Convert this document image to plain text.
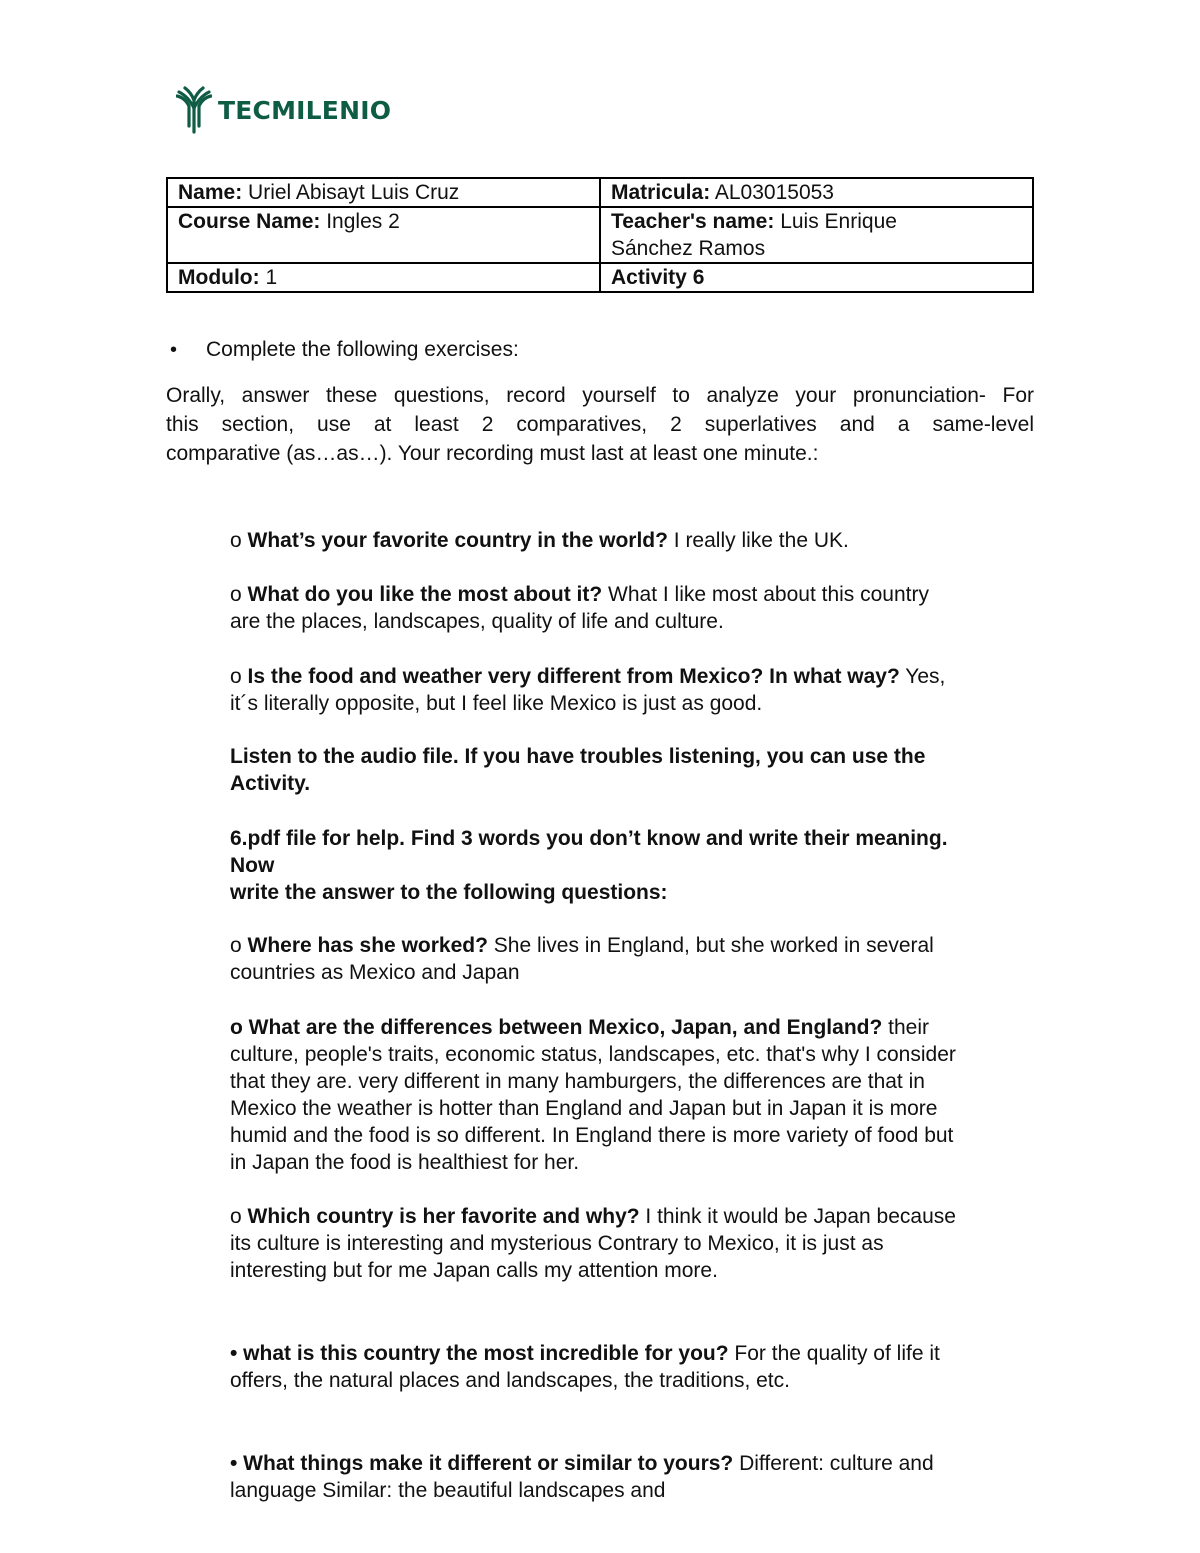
TECMILENIO
Name: Uriel Abisayt Luis Cruz	Matricula: AL03015053
Course Name: Ingles 2	Teacher's name: Luis Enrique
Sánchez Ramos
Modulo: 1	Activity 6
•	Complete the following exercises:
Orally, answer these questions, record yourself to analyze your pronunciation- For
this section, use at least 2 comparatives, 2 superlatives and a same-level
comparative (as…as…). Your recording must last at least one minute.:
o What’s your favorite country in the world? I really like the UK.
o What do you like the most about it? What I like most about this country
are the places, landscapes, quality of life and culture.
o Is the food and weather very different from Mexico? In what way? Yes,
it´s literally opposite, but I feel like Mexico is just as good.
Listen to the audio file. If you have troubles listening, you can use the
Activity.
6.pdf file for help. Find 3 words you don’t know and write their meaning.
Now
write the answer to the following questions:
o Where has she worked? She lives in England, but she worked in several
countries as Mexico and Japan
o What are the differences between Mexico, Japan, and England? their
culture, people's traits, economic status, landscapes, etc. that's why I consider
that they are. very different in many hamburgers, the differences are that in
Mexico the weather is hotter than England and Japan but in Japan it is more
humid and the food is so different. In England there is more variety of food but
in Japan the food is healthiest for her.
o Which country is her favorite and why? I think it would be Japan because
its culture is interesting and mysterious Contrary to Mexico, it is just as
interesting but for me Japan calls my attention more.
• what is this country the most incredible for you? For the quality of life it
offers, the natural places and landscapes, the traditions, etc.
• What things make it different or similar to yours? Different: culture and
language Similar: the beautiful landscapes and
